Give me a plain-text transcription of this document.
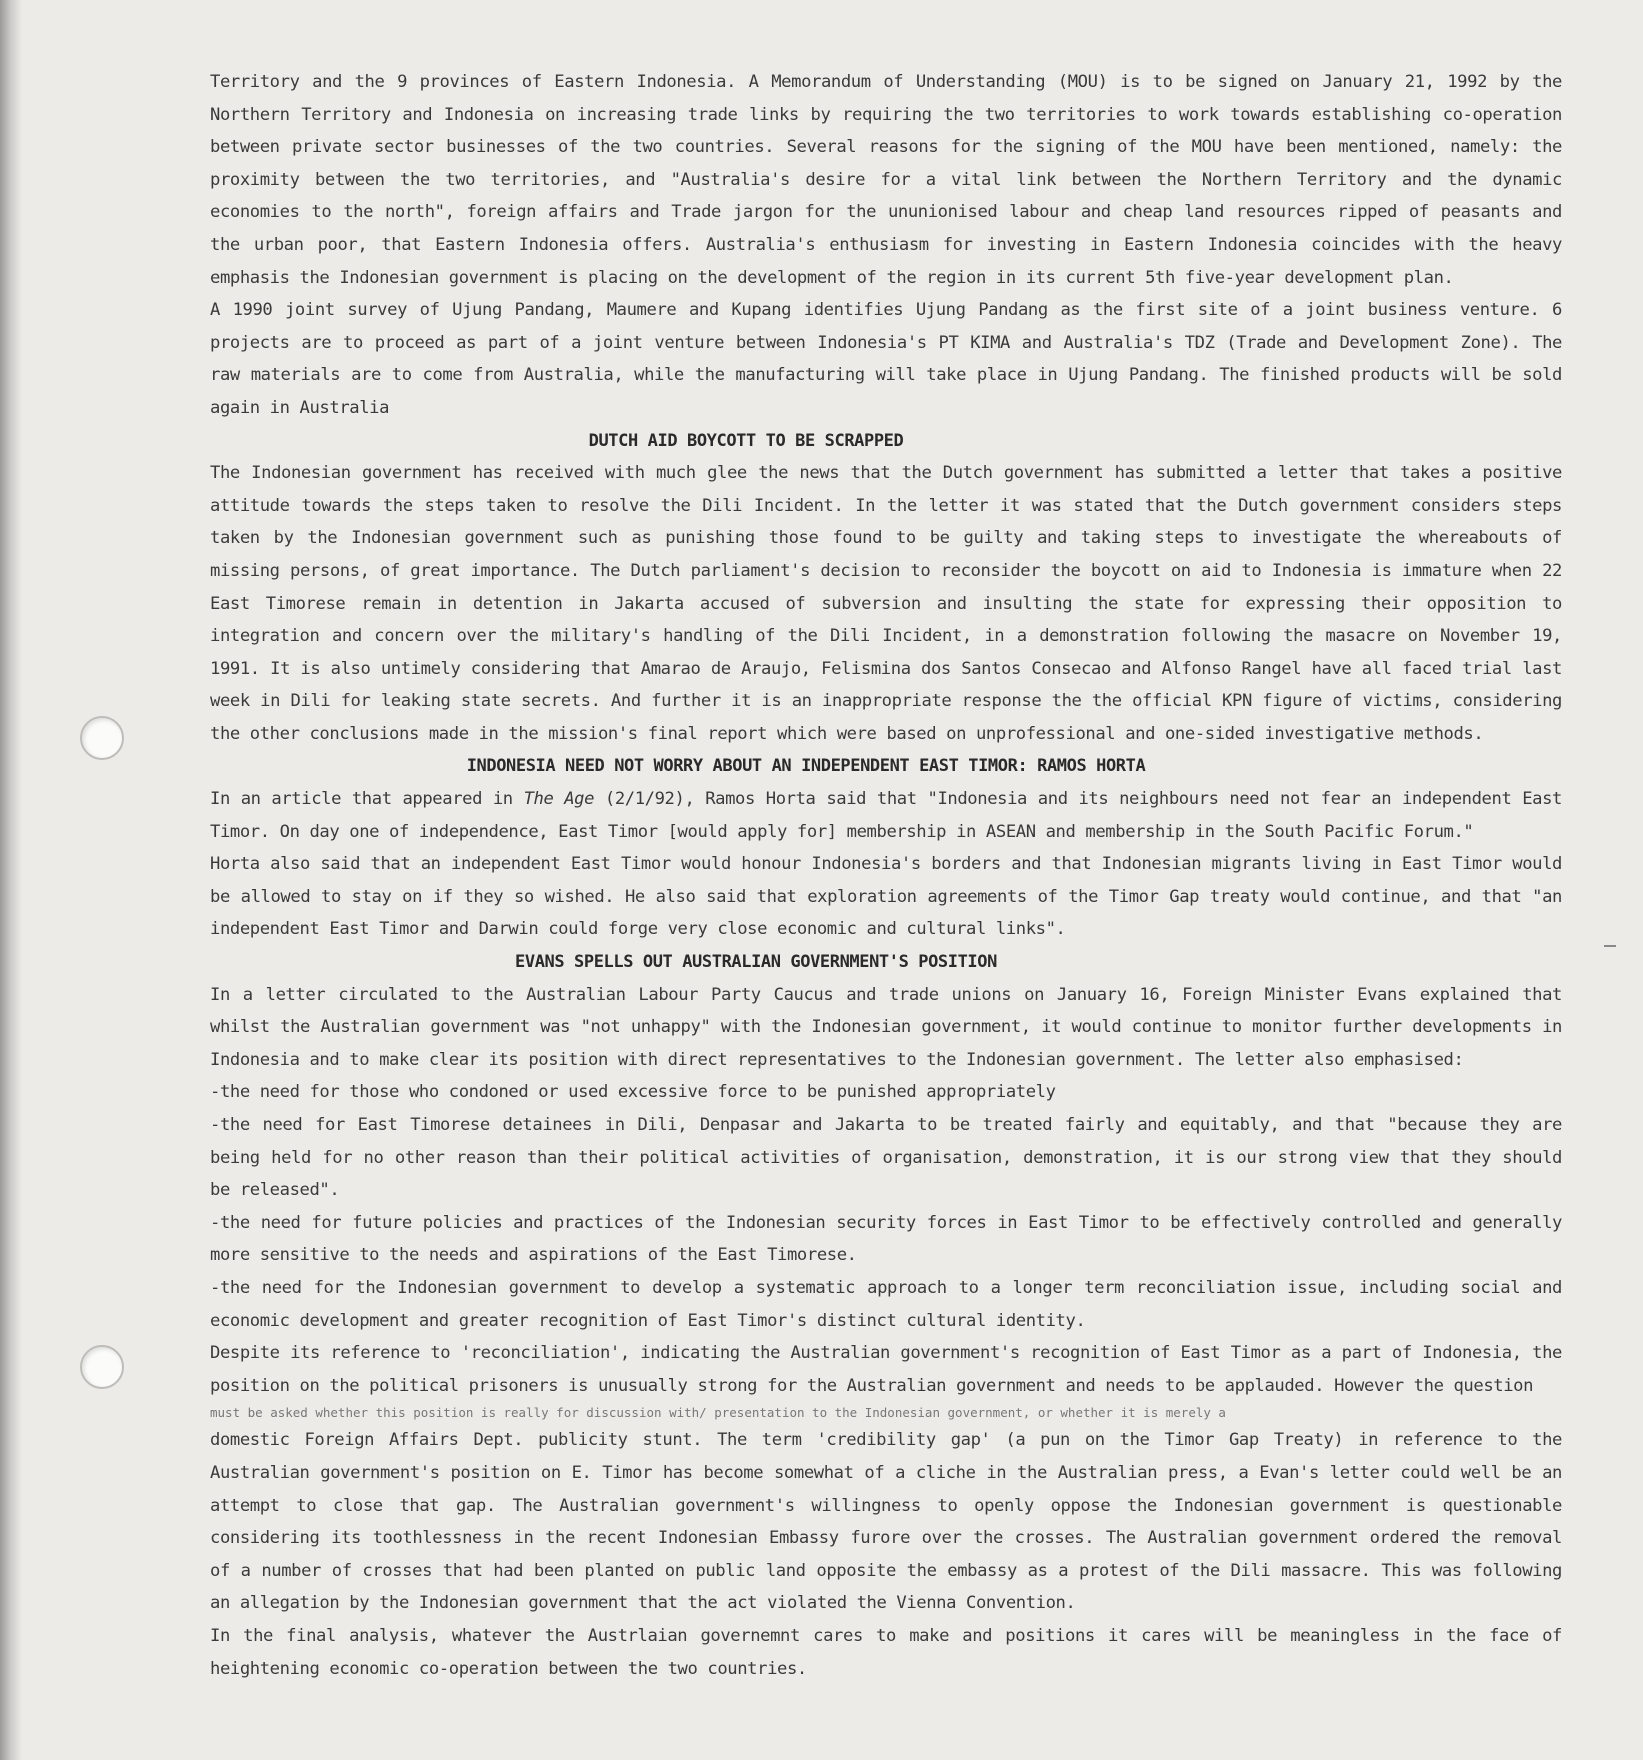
Territory and the 9 provinces of Eastern Indonesia. A Memorandum of Understanding (MOU) is to be signed on January 21, 1992 by the Northern Territory and Indonesia on increasing trade links by requiring the two territories to work towards establishing co-operation between private sector businesses of the two countries. Several reasons for the signing of the MOU have been mentioned, namely: the proximity between the two territories, and "Australia's desire for a vital link between the Northern Territory and the dynamic economies to the north", foreign affairs and Trade jargon for the ununionised labour and cheap land resources ripped of peasants and the urban poor, that Eastern Indonesia offers. Australia's enthusiasm for investing in Eastern Indonesia coincides with the heavy emphasis the Indonesian government is placing on the development of the region in its current 5th five-year development plan.

A 1990 joint survey of Ujung Pandang, Maumere and Kupang identifies Ujung Pandang as the first site of a joint business venture. 6 projects are to proceed as part of a joint venture between Indonesia's PT KIMA and Australia's TDZ (Trade and Development Zone). The raw materials are to come from Australia, while the manufacturing will take place in Ujung Pandang. The finished products will be sold again in Australia

DUTCH AID BOYCOTT TO BE SCRAPPED

The Indonesian government has received with much glee the news that the Dutch government has submitted a letter that takes a positive attitude towards the steps taken to resolve the Dili Incident. In the letter it was stated that the Dutch government considers steps taken by the Indonesian government such as punishing those found to be guilty and taking steps to investigate the whereabouts of missing persons, of great importance. The Dutch parliament's decision to reconsider the boycott on aid to Indonesia is immature when 22 East Timorese remain in detention in Jakarta accused of subversion and insulting the state for expressing their opposition to integration and concern over the military's handling of the Dili Incident, in a demonstration following the masacre on November 19, 1991. It is also untimely considering that Amarao de Araujo, Felismina dos Santos Consecao and Alfonso Rangel have all faced trial last week in Dili for leaking state secrets. And further it is an inappropriate response the the official KPN figure of victims, considering the other conclusions made in the mission's final report which were based on unprofessional and one-sided investigative methods.

INDONESIA NEED NOT WORRY ABOUT AN INDEPENDENT EAST TIMOR: RAMOS HORTA

In an article that appeared in The Age (2/1/92), Ramos Horta said that "Indonesia and its neighbours need not fear an independent East Timor. On day one of independence, East Timor [would apply for] membership in ASEAN and membership in the South Pacific Forum."

Horta also said that an independent East Timor would honour Indonesia's borders and that Indonesian migrants living in East Timor would be allowed to stay on if they so wished. He also said that exploration agreements of the Timor Gap treaty would continue, and that "an independent East Timor and Darwin could forge very close economic and cultural links".

EVANS SPELLS OUT AUSTRALIAN GOVERNMENT'S POSITION

In a letter circulated to the Australian Labour Party Caucus and trade unions on January 16, Foreign Minister Evans explained that whilst the Australian government was "not unhappy" with the Indonesian government, it would continue to monitor further developments in Indonesia and to make clear its position with direct representatives to the Indonesian government. The letter also emphasised:

-the need for those who condoned or used excessive force to be punished appropriately

-the need for East Timorese detainees in Dili, Denpasar and Jakarta to be treated fairly and equitably, and that "because they are being held for no other reason than their political activities of organisation, demonstration, it is our strong view that they should be released".

-the need for future policies and practices of the Indonesian security forces in East Timor to be effectively controlled and generally more sensitive to the needs and aspirations of the East Timorese.

-the need for the Indonesian government to develop a systematic approach to a longer term reconciliation issue, including social and economic development and greater recognition of East Timor's distinct cultural identity.

Despite its reference to 'reconciliation', indicating the Australian government's recognition of East Timor as a part of Indonesia, the position on the political prisoners is unusually strong for the Australian government and needs to be applauded. However the question

must be asked whether this position is really for discussion with/ presentation to the Indonesian government, or whether it is merely a

domestic Foreign Affairs Dept. publicity stunt. The term 'credibility gap' (a pun on the Timor Gap Treaty) in reference to the Australian government's position on E. Timor has become somewhat of a cliche in the Australian press, a Evan's letter could well be an attempt to close that gap. The Australian government's willingness to openly oppose the Indonesian government is questionable considering its toothlessness in the recent Indonesian Embassy furore over the crosses. The Australian government ordered the removal of a number of crosses that had been planted on public land opposite the embassy as a protest of the Dili massacre. This was following an allegation by the Indonesian government that the act violated the Vienna Convention.

In the final analysis, whatever the Austrlaian governemnt cares to make and positions it cares will be meaningless in the face of heightening economic co-operation between the two countries.
